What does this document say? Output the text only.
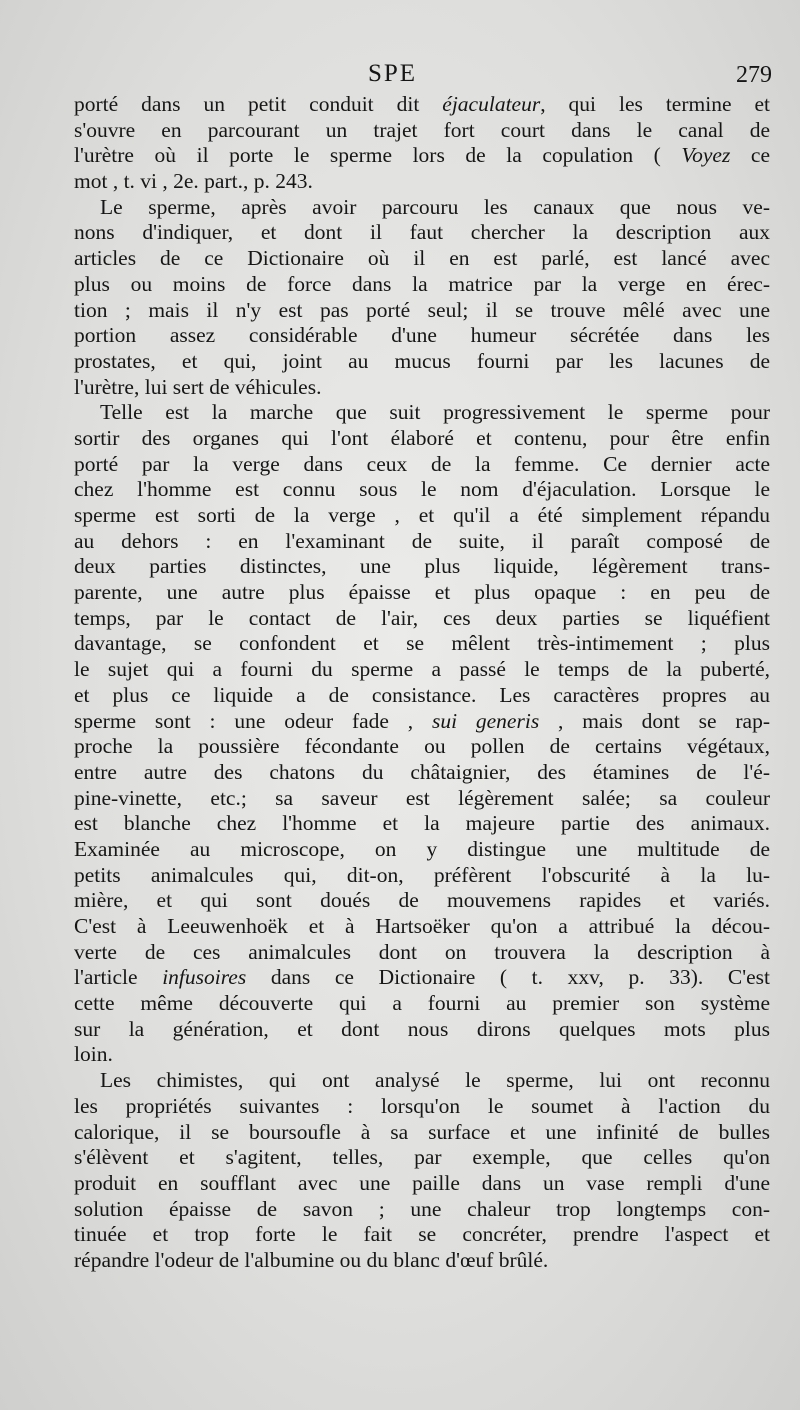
SPE	279
porté dans un petit conduit dit éjaculateur, qui les termine et
s'ouvre en parcourant un trajet fort court dans le canal de
l'urètre où il porte le sperme lors de la copulation ( Voyez ce
mot , t. vi , 2e. part., p. 243.
Le sperme, après avoir parcouru les canaux que nous ve-
nons d'indiquer, et dont il faut chercher la description aux
articles de ce Dictionaire où il en est parlé, est lancé avec
plus ou moins de force dans la matrice par la verge en érec-
tion ; mais il n'y est pas porté seul; il se trouve mêlé avec une
portion assez considérable d'une humeur sécrétée dans les
prostates, et qui, joint au mucus fourni par les lacunes de
l'urètre, lui sert de véhicules.
Telle est la marche que suit progressivement le sperme pour
sortir des organes qui l'ont élaboré et contenu, pour être enfin
porté par la verge dans ceux de la femme. Ce dernier acte
chez l'homme est connu sous le nom d'éjaculation. Lorsque le
sperme est sorti de la verge , et qu'il a été simplement répandu
au dehors : en l'examinant de suite, il paraît composé de
deux parties distinctes, une plus liquide, légèrement trans-
parente, une autre plus épaisse et plus opaque : en peu de
temps, par le contact de l'air, ces deux parties se liquéfient
davantage, se confondent et se mêlent très-intimement ; plus
le sujet qui a fourni du sperme a passé le temps de la puberté,
et plus ce liquide a de consistance. Les caractères propres au
sperme sont : une odeur fade , sui generis , mais dont se rap-
proche la poussière fécondante ou pollen de certains végétaux,
entre autre des chatons du châtaignier, des étamines de l'é-
pine-vinette, etc.; sa saveur est légèrement salée; sa couleur
est blanche chez l'homme et la majeure partie des animaux.
Examinée au microscope, on y distingue une multitude de
petits animalcules qui, dit-on, préfèrent l'obscurité à la lu-
mière, et qui sont doués de mouvemens rapides et variés.
C'est à Leeuwenhoëk et à Hartsoëker qu'on a attribué la décou-
verte de ces animalcules dont on trouvera la description à
l'article infusoires dans ce Dictionaire ( t. xxv, p. 33). C'est
cette même découverte qui a fourni au premier son système
sur la génération, et dont nous dirons quelques mots plus
loin.
Les chimistes, qui ont analysé le sperme, lui ont reconnu
les propriétés suivantes : lorsqu'on le soumet à l'action du
calorique, il se boursoufle à sa surface et une infinité de bulles
s'élèvent et s'agitent, telles, par exemple, que celles qu'on
produit en soufflant avec une paille dans un vase rempli d'une
solution épaisse de savon ; une chaleur trop longtemps con-
tinuée et trop forte le fait se concréter, prendre l'aspect et
répandre l'odeur de l'albumine ou du blanc d'œuf brûlé.
